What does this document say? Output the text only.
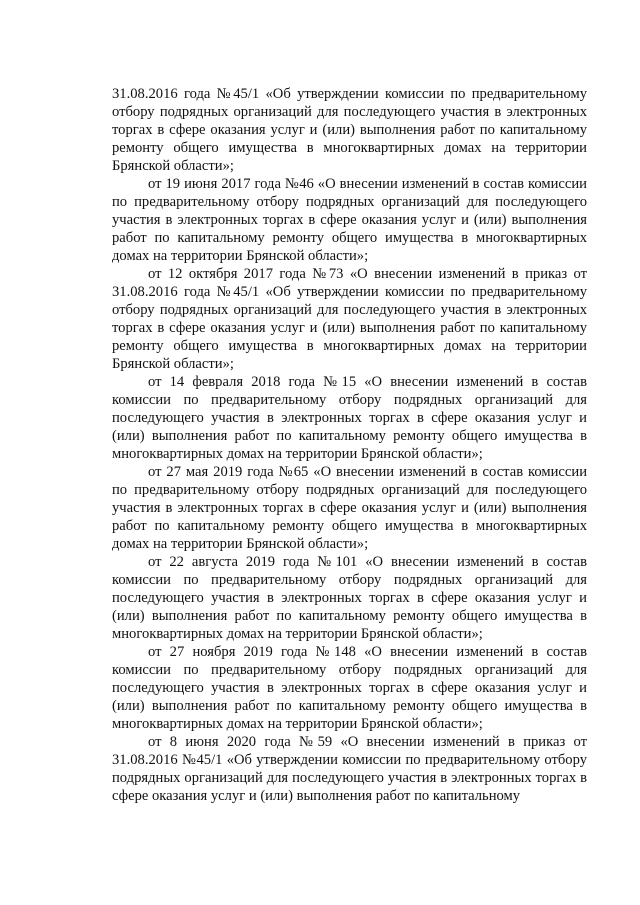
31.08.2016 года №45/1 «Об утверждении комиссии по предварительному отбору подрядных организаций для последующего участия в электронных торгах в сфере оказания услуг и (или) выполнения работ по капитальному ремонту общего имущества в многоквартирных домах на территории Брянской области»;

от 19 июня 2017 года №46 «О внесении изменений в состав комиссии по предварительному отбору подрядных организаций для последующего участия в электронных торгах в сфере оказания услуг и (или) выполнения работ по капитальному ремонту общего имущества в многоквартирных домах на территории Брянской области»;

от 12 октября 2017 года №73 «О внесении изменений в приказ от 31.08.2016 года №45/1 «Об утверждении комиссии по предварительному отбору подрядных организаций для последующего участия в электронных торгах в сфере оказания услуг и (или) выполнения работ по капитальному ремонту общего имущества в многоквартирных домах на территории Брянской области»;

от 14 февраля 2018 года №15 «О внесении изменений в состав комиссии по предварительному отбору подрядных организаций для последующего участия в электронных торгах в сфере оказания услуг и (или) выполнения работ по капитальному ремонту общего имущества в многоквартирных домах на территории Брянской области»;

от 27 мая 2019 года №65 «О внесении изменений в состав комиссии по предварительному отбору подрядных организаций для последующего участия в электронных торгах в сфере оказания услуг и (или) выполнения работ по капитальному ремонту общего имущества в многоквартирных домах на территории Брянской области»;

от 22 августа 2019 года №101 «О внесении изменений в состав комиссии по предварительному отбору подрядных организаций для последующего участия в электронных торгах в сфере оказания услуг и (или) выполнения работ по капитальному ремонту общего имущества в многоквартирных домах на территории Брянской области»;

от 27 ноября 2019 года №148 «О внесении изменений в состав комиссии по предварительному отбору подрядных организаций для последующего участия в электронных торгах в сфере оказания услуг и (или) выполнения работ по капитальному ремонту общего имущества в многоквартирных домах на территории Брянской области»;

от 8 июня 2020 года №59 «О внесении изменений в приказ от 31.08.2016 №45/1 «Об утверждении комиссии по предварительному отбору подрядных организаций для последующего участия в электронных торгах в сфере оказания услуг и (или) выполнения работ по капитальному
